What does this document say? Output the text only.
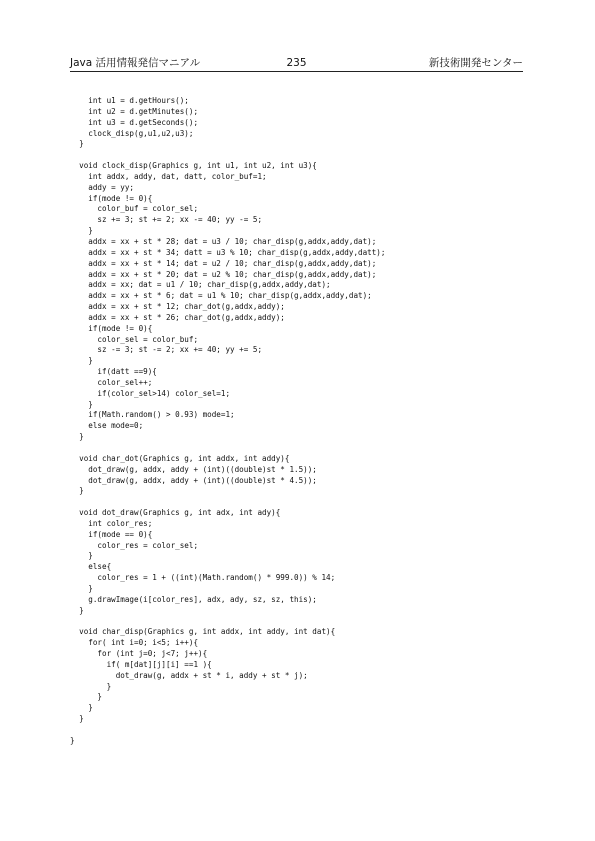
Java 活用情報発信マニアル	235	新技術開発センター
int u1 = d.getHours();
int u2 = d.getMinutes();
int u3 = d.getSeconds();
clock_disp(g,u1,u2,u3);
}

void clock_disp(Graphics g, int u1, int u2, int u3){
int addx, addy, dat, datt, color_buf=1;
addy = yy;
if(mode != 0){
color_buf = color_sel;
sz += 3; st += 2; xx -= 40; yy -= 5;
}
addx = xx + st * 28; dat = u3 / 10; char_disp(g,addx,addy,dat);
addx = xx + st * 34; datt = u3 % 10; char_disp(g,addx,addy,datt);
addx = xx + st * 14; dat = u2 / 10; char_disp(g,addx,addy,dat);
addx = xx + st * 20; dat = u2 % 10; char_disp(g,addx,addy,dat);
addx = xx; dat = u1 / 10; char_disp(g,addx,addy,dat);
addx = xx + st * 6; dat = u1 % 10; char_disp(g,addx,addy,dat);
addx = xx + st * 12; char_dot(g,addx,addy);
addx = xx + st * 26; char_dot(g,addx,addy);
if(mode != 0){
color_sel = color_buf;
sz -= 3; st -= 2; xx += 40; yy += 5;
}
if(datt ==9){
color_sel++;
if(color_sel>14) color_sel=1;
}
if(Math.random() > 0.93) mode=1;
else mode=0;
}

void char_dot(Graphics g, int addx, int addy){
dot_draw(g, addx, addy + (int)((double)st * 1.5));
dot_draw(g, addx, addy + (int)((double)st * 4.5));
}

void dot_draw(Graphics g, int adx, int ady){
int color_res;
if(mode == 0){
color_res = color_sel;
}
else{
color_res = 1 + ((int)(Math.random() * 999.0)) % 14;
}
g.drawImage(i[color_res], adx, ady, sz, sz, this);
}

void char_disp(Graphics g, int addx, int addy, int dat){
for( int i=0; i<5; i++){
for (int j=0; j<7; j++){
if( m[dat][j][i] ==1 ){
dot_draw(g, addx + st * i, addy + st * j);
}
}
}
}

}
